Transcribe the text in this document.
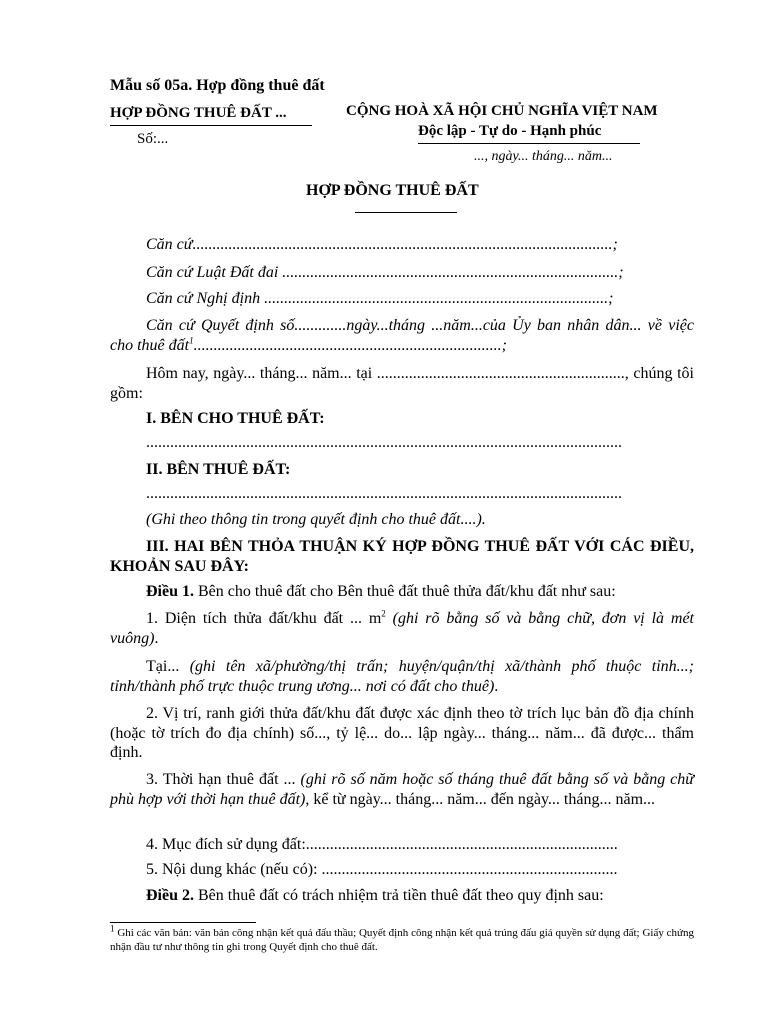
Mẫu số 05a. Hợp đồng thuê đất
HỢP ĐỒNG THUÊ ĐẤT ...
Số:...
CỘNG HOÀ XÃ HỘI CHỦ NGHĨA VIỆT NAM
Độc lập - Tự do - Hạnh phúc
..., ngày... tháng... năm...
HỢP ĐỒNG THUÊ ĐẤT
Căn cứ.........................................................................................................;
Căn cứ Luật Đất đai ....................................................................................;
Căn cứ Nghị định ......................................................................................;
Căn cứ Quyết định số.............ngày...tháng ...năm...của Ủy ban nhân dân... về việc cho thuê đất$^1$.............................................................................;
Hôm nay, ngày... tháng... năm... tại .............................................................., chúng tôi gồm:
I. BÊN CHO THUÊ ĐẤT:
.......................................................................................................................
II. BÊN THUÊ ĐẤT:
.......................................................................................................................
(Ghi theo thông tin trong quyết định cho thuê đất....).
III. HAI BÊN THỎA THUẬN KÝ HỢP ĐỒNG THUÊ ĐẤT VỚI CÁC ĐIỀU, KHOẢN SAU ĐÂY:
Điều 1. Bên cho thuê đất cho Bên thuê đất thuê thửa đất/khu đất như sau:
1. Diện tích thửa đất/khu đất ... $m^2$ (ghi rõ bằng số và bằng chữ, đơn vị là mét vuông).
Tại... (ghi tên xã/phường/thị trấn; huyện/quận/thị xã/thành phố thuộc tỉnh...; tỉnh/thành phố trực thuộc trung ương... nơi có đất cho thuê).
2. Vị trí, ranh giới thửa đất/khu đất được xác định theo tờ trích lục bản đồ địa chính (hoặc tờ trích đo địa chính) số..., tỷ lệ... do... lập ngày... tháng... năm... đã được... thẩm định.
3. Thời hạn thuê đất ... (ghi rõ số năm hoặc số tháng thuê đất bằng số và bằng chữ phù hợp với thời hạn thuê đất), kể từ ngày... tháng... năm... đến ngày... tháng... năm...
4. Mục đích sử dụng đất:..............................................................................
5. Nội dung khác (nếu có): ..........................................................................
Điều 2. Bên thuê đất có trách nhiệm trả tiền thuê đất theo quy định sau:
$^1$ Ghi các văn bản: văn bản công nhận kết quả đấu thầu; Quyết định công nhận kết quả trúng đấu giá quyền sử dụng đất; Giấy chứng nhận đầu tư như thông tin ghi trong Quyết định cho thuê đất.
